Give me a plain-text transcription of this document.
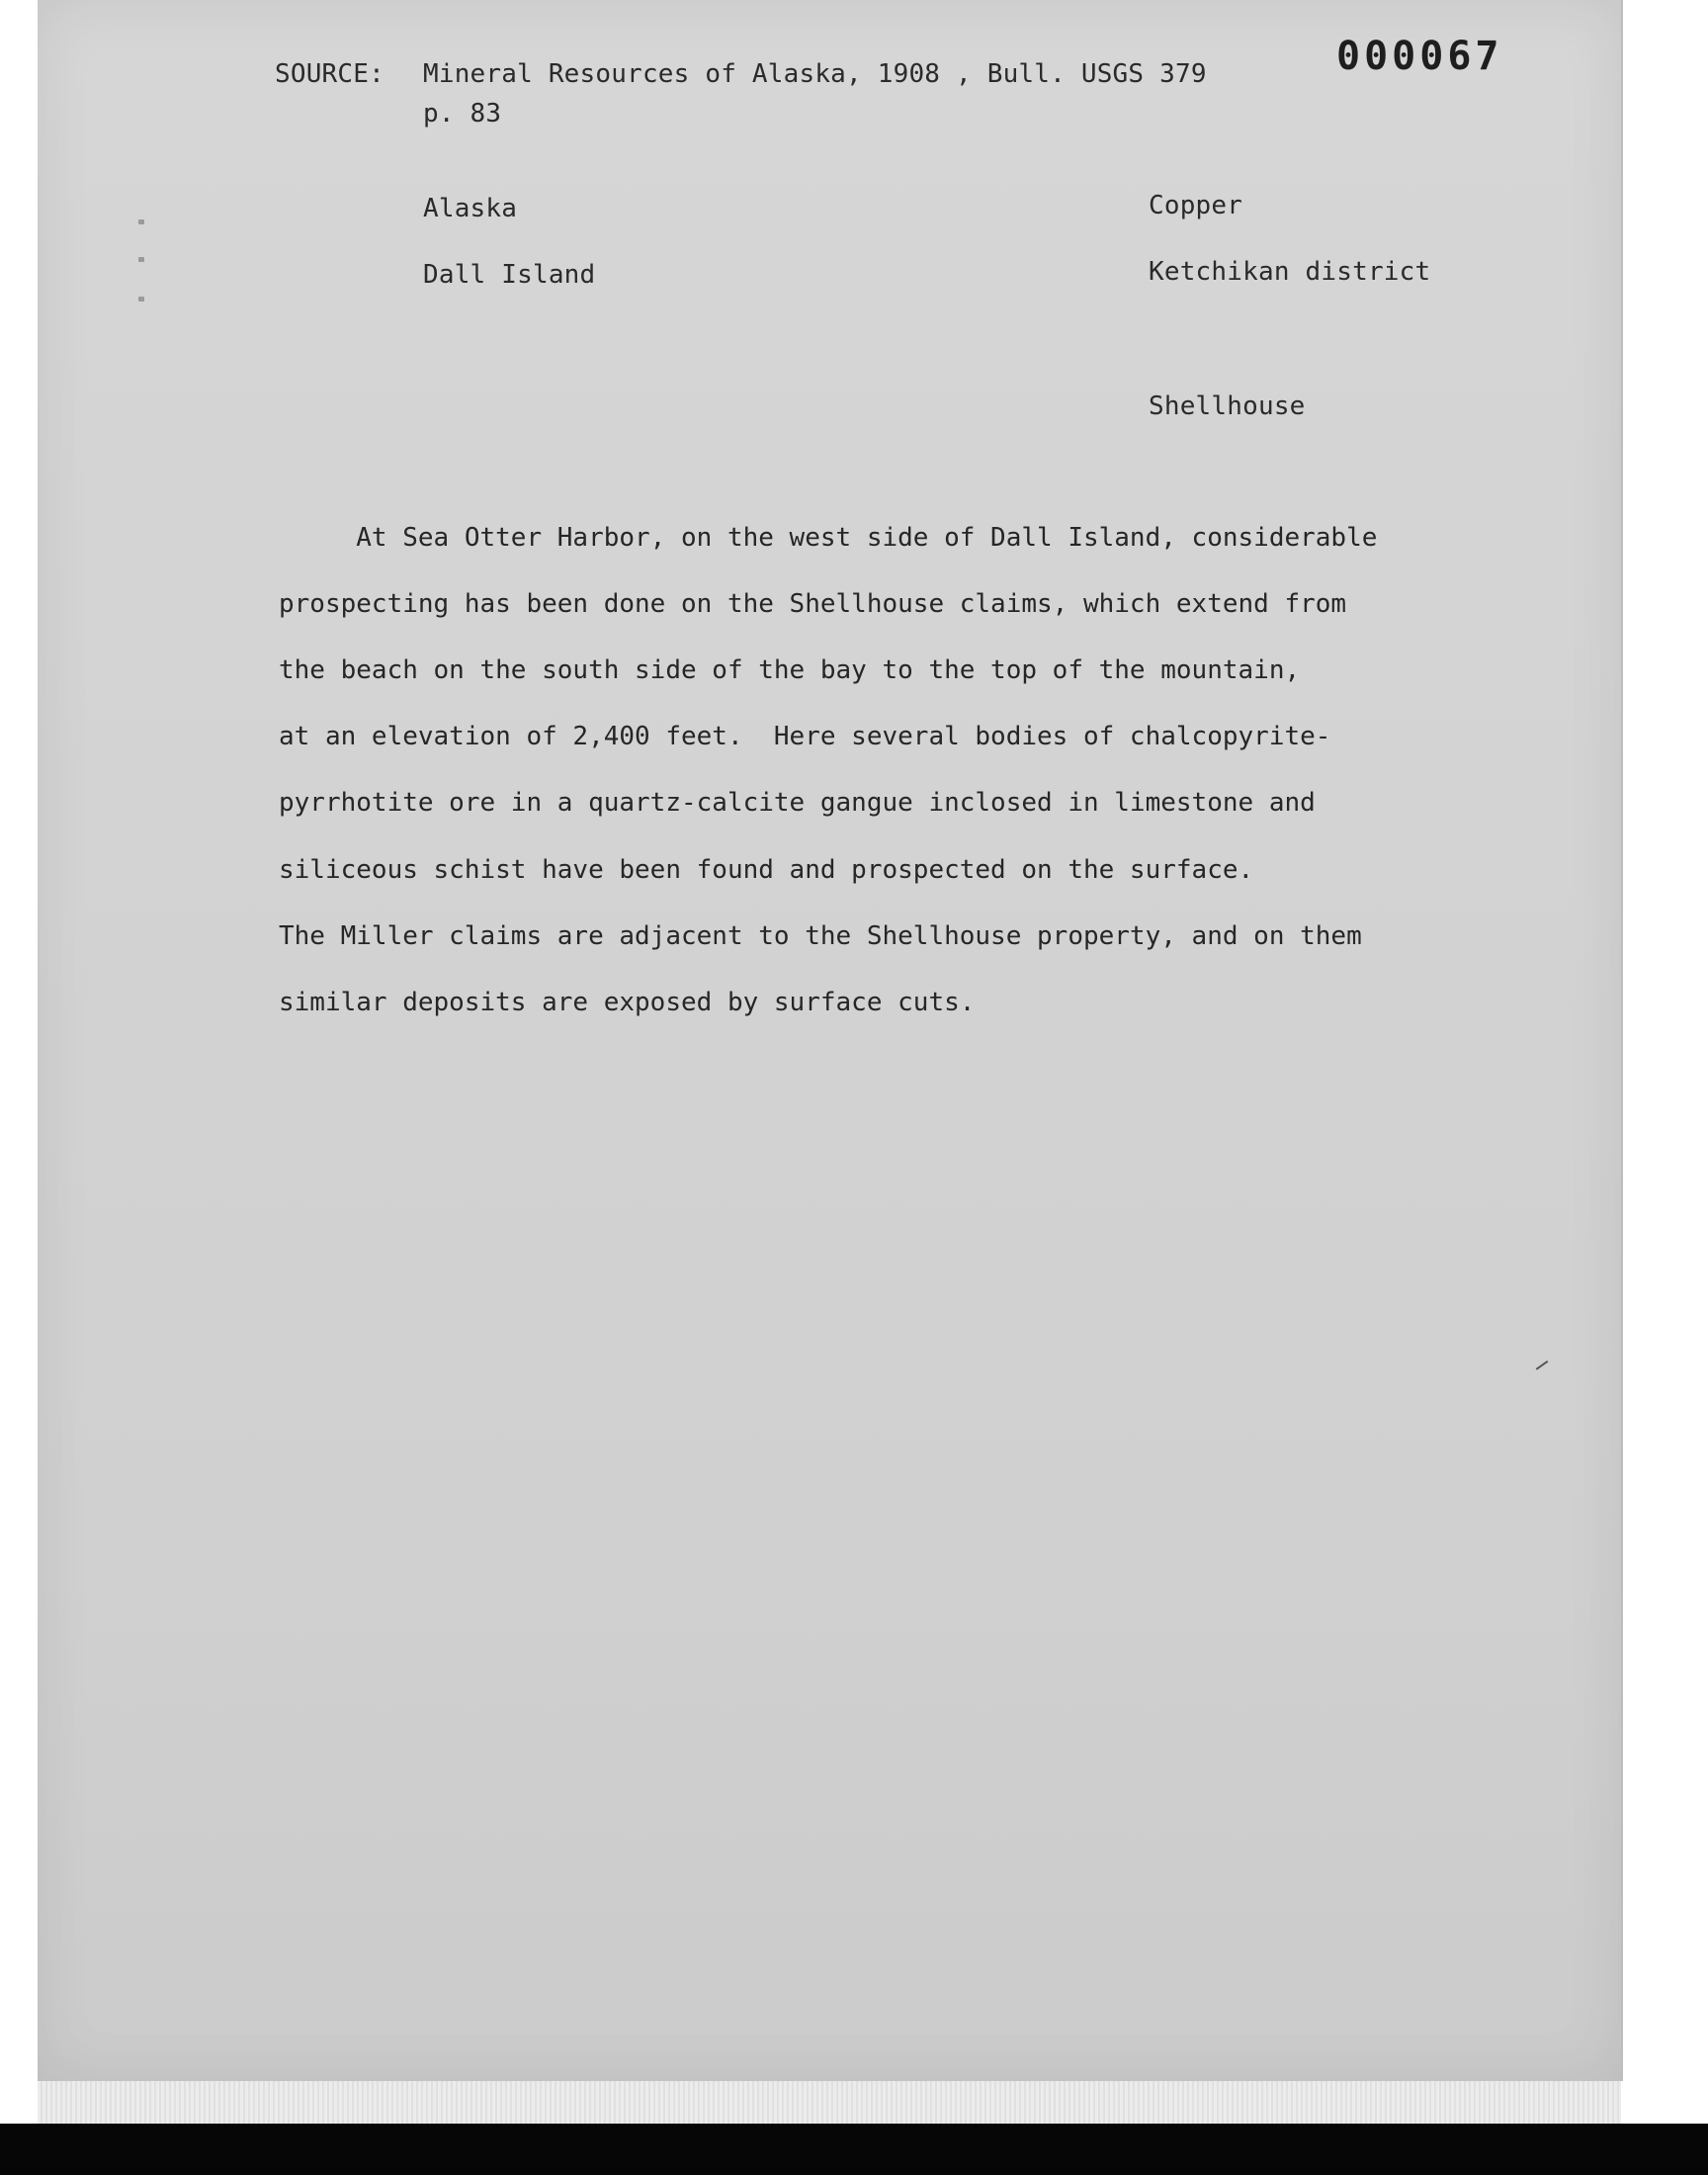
SOURCE: Mineral Resources of Alaska, 1908 , Bull. USGS 379
p. 83
000067
Alaska	Copper
Dall Island	Ketchikan district
Shellhouse

At Sea Otter Harbor, on the west side of Dall Island, considerable

prospecting has been done on the Shellhouse claims, which extend from

the beach on the south side of the bay to the top of the mountain,

at an elevation of 2,400 feet.  Here several bodies of chalcopyrite-

pyrrhotite ore in a quartz-calcite gangue inclosed in limestone and

siliceous schist have been found and prospected on the surface.

The Miller claims are adjacent to the Shellhouse property, and on them

similar deposits are exposed by surface cuts.
